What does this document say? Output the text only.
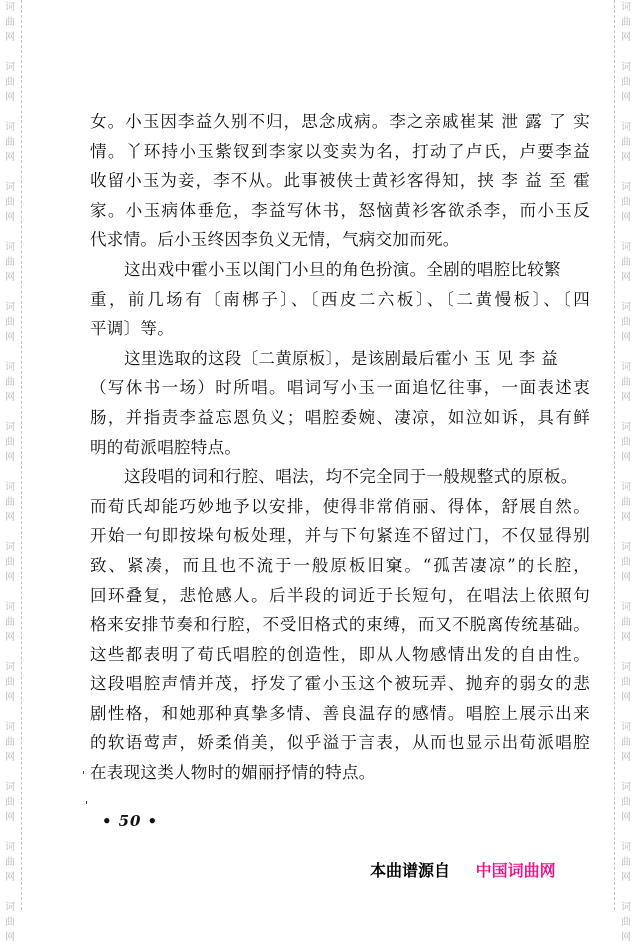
词
曲
网
词
曲
网
词
曲
网
词
曲
网
词
曲
网
词
曲
网
词
曲
网
词
曲
网
词
曲
网
词
曲
网
词
曲
网
词
曲
网
词
曲
网
词
曲
网
词
曲
网
词
曲
网
词
曲
网
词
曲
网
词
曲
网
词
曲
网
词
曲
网
词
曲
网
词
曲
网
词
曲
网
词
曲
网
词
曲
网
词
曲
网
词
曲
网
词
曲
网
词
曲
网
词
曲
网
词
曲
网
女。小玉因李益久别不归，思念成病。李之亲戚崔某 泄 露 了 实
情。丫环持小玉紫钗到李家以变卖为名，打动了卢氏，卢要李益
收留小玉为妾，李不从。此事被侠士黄衫客得知，挟 李 益 至 霍
家。小玉病体垂危，李益写休书，怒恼黄衫客欲杀李，而小玉反
代求情。后小玉终因李负义无情，气病交加而死。
这出戏中霍小玉以闺门小旦的角色扮演。全剧的唱腔比较繁
重，前几场有〔南梆子〕、〔西皮二六板〕、〔二黄慢板〕、〔四
平调〕等。
这里选取的这段〔二黄原板〕，是该剧最后霍小 玉 见 李 益
（写休书一场）时所唱。唱词写小玉一面追忆往事，一面表述衷
肠，并指责李益忘恩负义；唱腔委婉、凄凉，如泣如诉，具有鲜
明的荀派唱腔特点。
这段唱的词和行腔、唱法，均不完全同于一般规整式的原板。
而荀氏却能巧妙地予以安排，使得非常俏丽、得体，舒展自然。
开始一句即按垛句板处理，并与下句紧连不留过门，不仅显得别
致、紧凑，而且也不流于一般原板旧窠。“孤苦凄凉”的长腔，
回环叠复，悲怆感人。后半段的词近于长短句，在唱法上依照句
格来安排节奏和行腔，不受旧格式的束缚，而又不脱离传统基础。
这些都表明了荀氏唱腔的创造性，即从人物感情出发的自由性。
这段唱腔声情并茂，抒发了霍小玉这个被玩弄、抛弃的弱女的悲
剧性格，和她那种真挚多情、善良温存的感情。唱腔上展示出来
的软语莺声，娇柔俏美，似乎溢于言表，从而也显示出荀派唱腔
在表现这类人物时的媚丽抒情的特点。
• 50 •
本曲谱源自 中国词曲网
